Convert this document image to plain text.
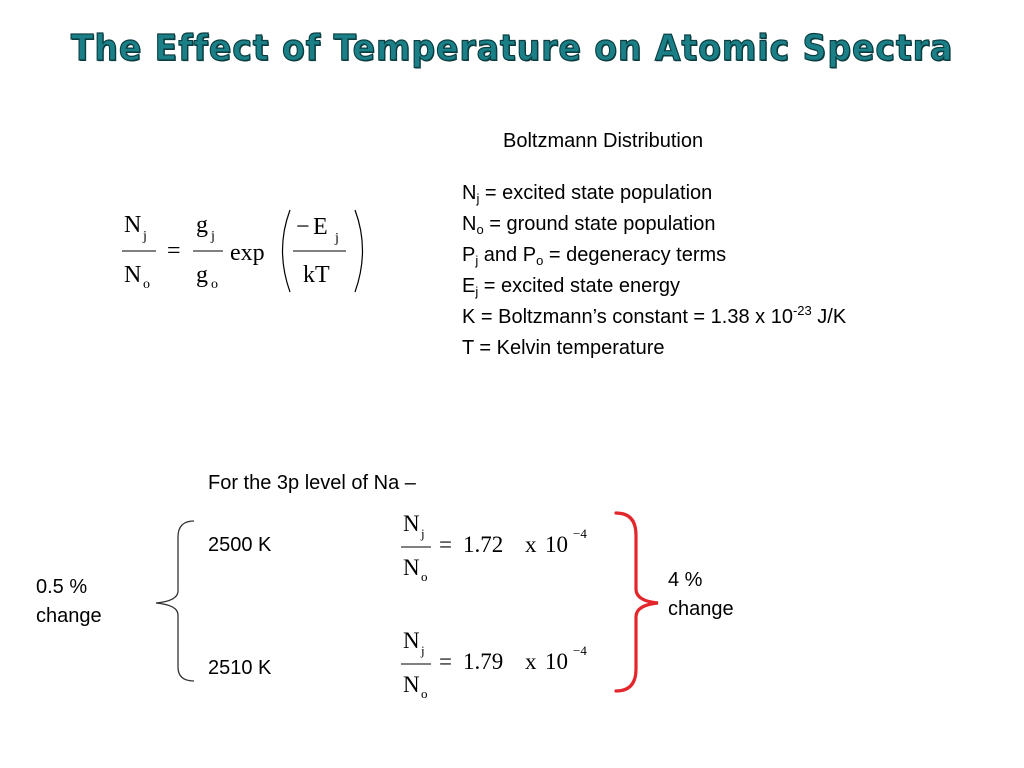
The Effect of Temperature on Atomic Spectra
Boltzmann Distribution
N j
N o
=
g j
g o
exp
− E j
kT
$N_j$ = excited state population
$N_o$ = ground state population
$P_j$ and $P_o$ = degeneracy terms
$E_j$ = excited state energy
K = Boltzmann’s constant = 1.38 x $10^{-23}$ J/K
T = Kelvin temperature
For the 3p level of Na –
2500 K
2510 K
0.5 %
change
4 %
change
N j
N o
= 1.72 x 10 −4
N j
N o
= 1.79 x 10 −4
